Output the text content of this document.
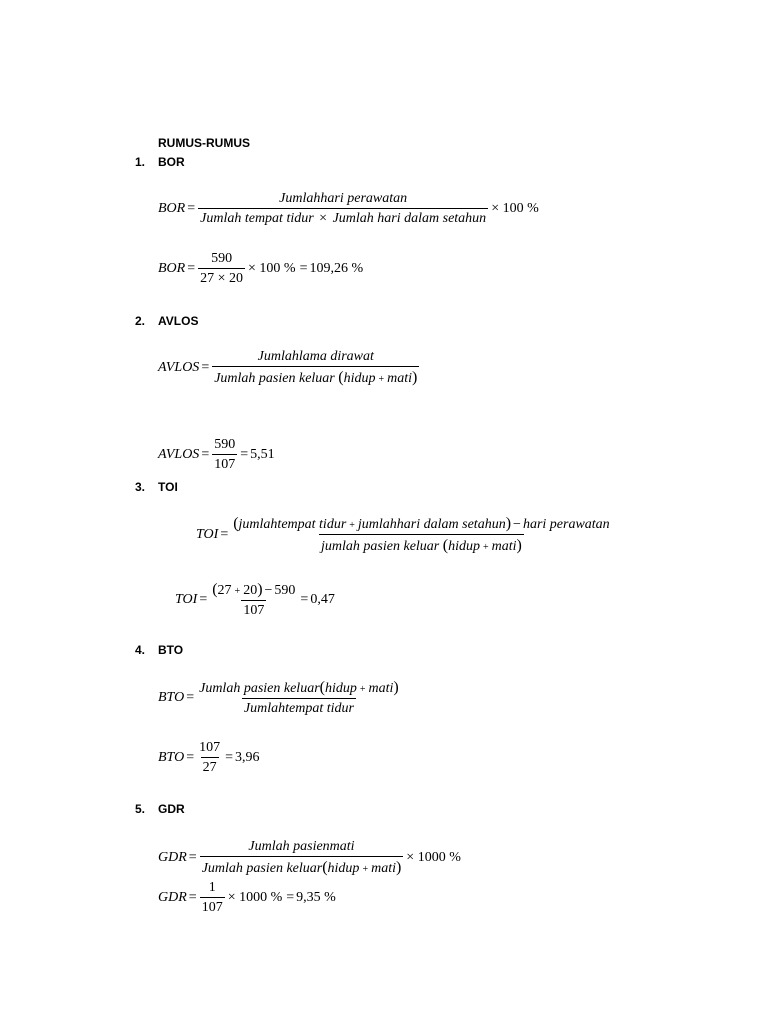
RUMUS-RUMUS
1. BOR
BOR =
Jumlahhari perawatan
Jumlah tempat tidur × Jumlah hari dalam setahun
× 100 %
BOR = $\frac{590}{27 \times 20} \times 100$ % = 109,26 %
2. AVLOS
AVLOS = $\frac{\text{Jumlahlama dirawat}}{\text{Jumlah pasien keluar (hidup + mati)}}$
AVLOS = $\frac{590}{107} = 5,51$
3. TOI
TOI = $\frac{\text{(jumlahtempat tidur + jumlahhari dalam setahun) − hari perawatan}}{\text{jumlah pasien keluar (hidup + mati)}}$
TOI = $\frac{(27 + 20) - 590}{107} = 0,47$
4. BTO
BTO = $\frac{\text{Jumlah pasien keluar(hidup + mati)}}{\text{Jumlahtempat tidur}}$
BTO = $\frac{107}{27} = 3,96$
5. GDR
GDR = $\frac{\text{Jumlah pasienmati}}{\text{Jumlah pasien keluar(hidup + mati)}} \times 1000$ %
GDR = $\frac{1}{107} \times 1000$ % = 9,35 %
